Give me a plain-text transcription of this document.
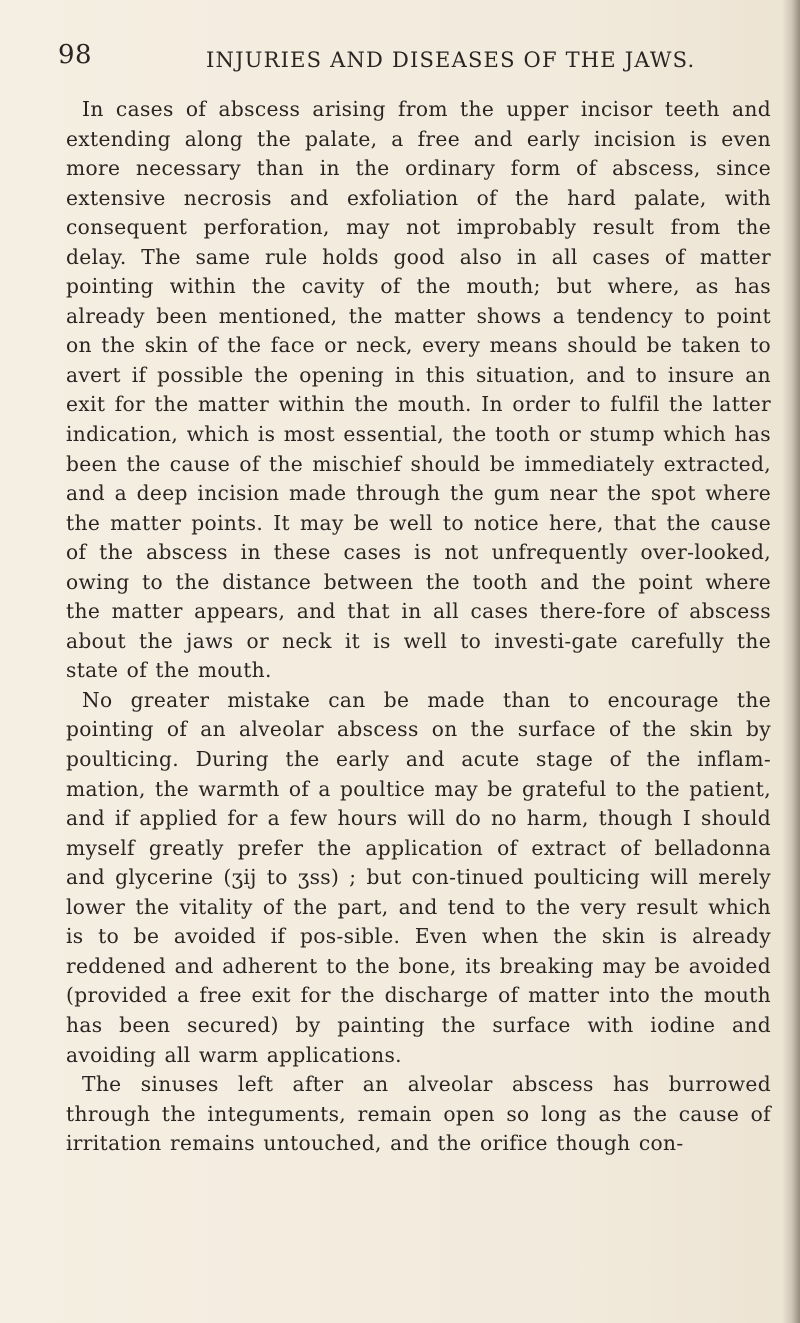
98	INJURIES AND DISEASES OF THE JAWS.

In cases of abscess arising from the upper incisor teeth and extending along the palate, a free and early incision is even more necessary than in the ordinary form of abscess, since extensive necrosis and exfoliation of the hard palate, with consequent perforation, may not improbably result from the delay. The same rule holds good also in all cases of matter pointing within the cavity of the mouth; but where, as has already been mentioned, the matter shows a tendency to point on the skin of the face or neck, every means should be taken to avert if possible the opening in this situation, and to insure an exit for the matter within the mouth. In order to fulfil the latter indication, which is most essential, the tooth or stump which has been the cause of the mischief should be immediately extracted, and a deep incision made through the gum near the spot where the matter points. It may be well to notice here, that the cause of the abscess in these cases is not unfrequently over-looked, owing to the distance between the tooth and the point where the matter appears, and that in all cases there-fore of abscess about the jaws or neck it is well to investi-gate carefully the state of the mouth.

No greater mistake can be made than to encourage the pointing of an alveolar abscess on the surface of the skin by poulticing. During the early and acute stage of the inflam-mation, the warmth of a poultice may be grateful to the patient, and if applied for a few hours will do no harm, though I should myself greatly prefer the application of extract of belladonna and glycerine (ʒij to ʒss) ; but con-tinued poulticing will merely lower the vitality of the part, and tend to the very result which is to be avoided if pos-sible. Even when the skin is already reddened and adherent to the bone, its breaking may be avoided (provided a free exit for the discharge of matter into the mouth has been secured) by painting the surface with iodine and avoiding all warm applications.

The sinuses left after an alveolar abscess has burrowed through the integuments, remain open so long as the cause of irritation remains untouched, and the orifice though con-
